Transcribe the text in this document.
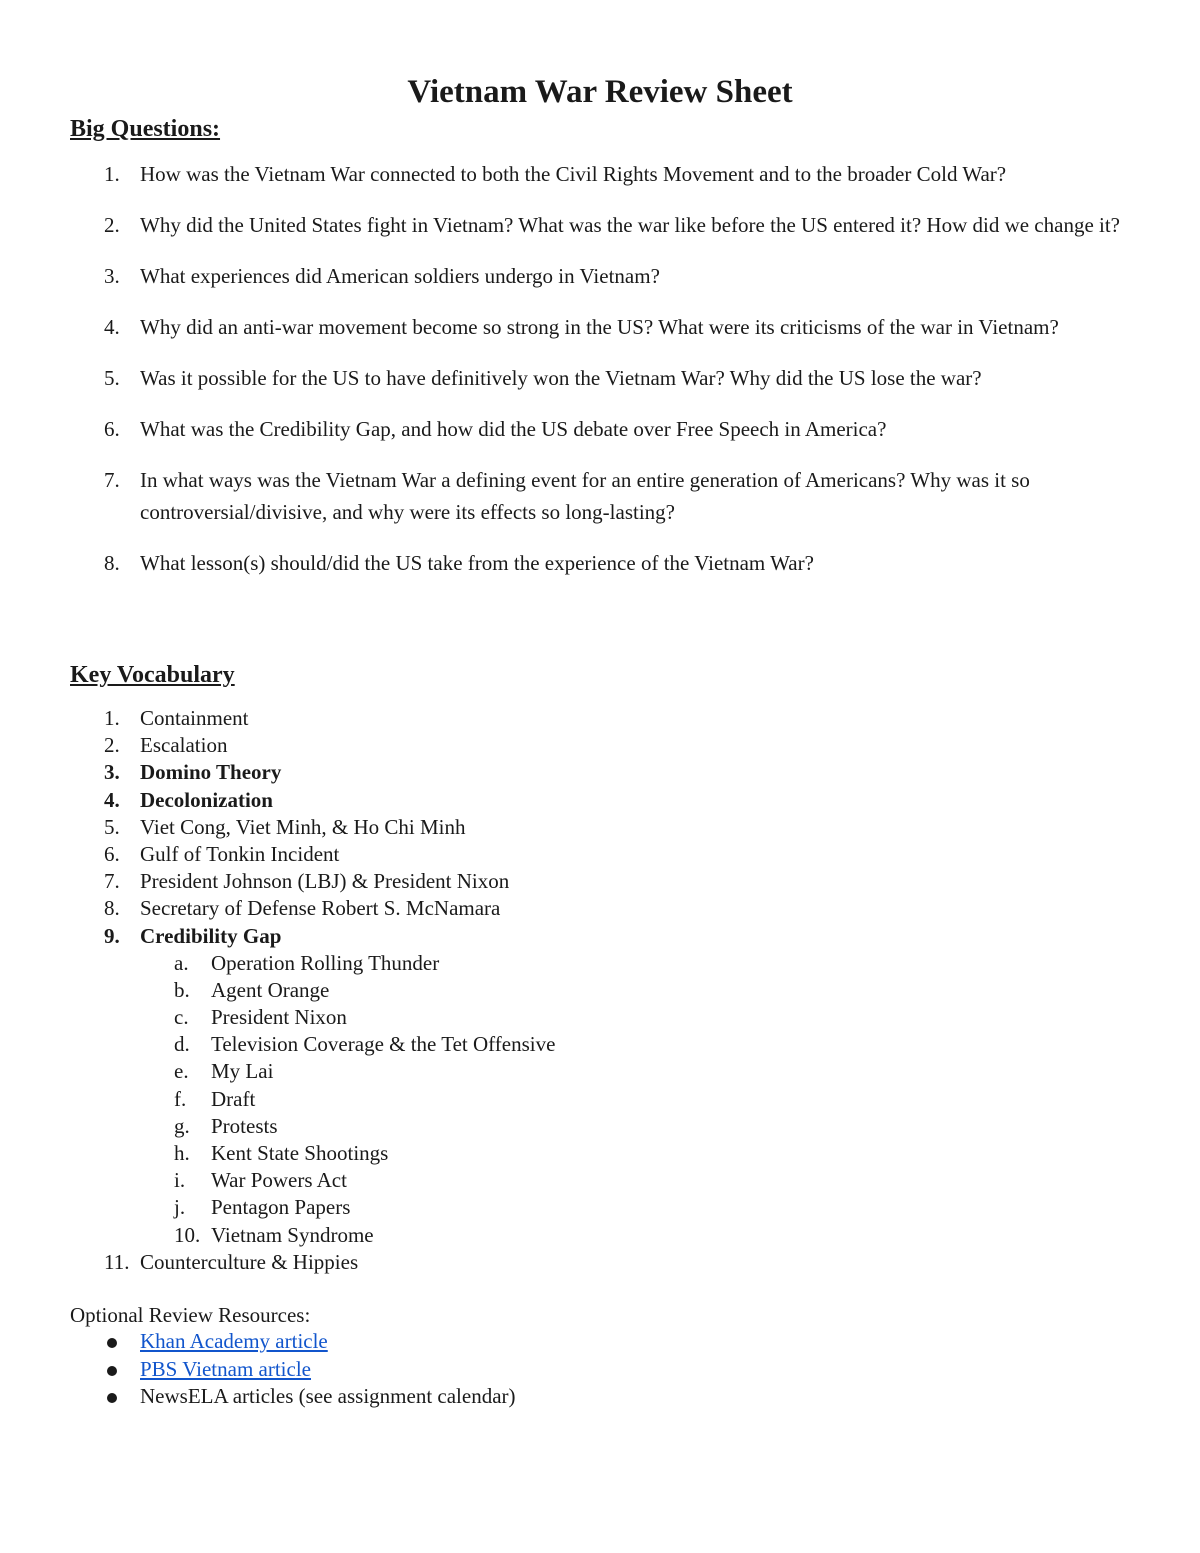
Vietnam War Review Sheet
Big Questions:
1. How was the Vietnam War connected to both the Civil Rights Movement and to the broader Cold War?
2. Why did the United States fight in Vietnam? What was the war like before the US entered it? How did we change it?
3. What experiences did American soldiers undergo in Vietnam?
4. Why did an anti-war movement become so strong in the US? What were its criticisms of the war in Vietnam?
5. Was it possible for the US to have definitively won the Vietnam War? Why did the US lose the war?
6. What was the Credibility Gap, and how did the US debate over Free Speech in America?
7. In what ways was the Vietnam War a defining event for an entire generation of Americans? Why was it so controversial/divisive, and why were its effects so long-lasting?
8. What lesson(s) should/did the US take from the experience of the Vietnam War?
Key Vocabulary
1. Containment
2. Escalation
3. Domino Theory
4. Decolonization
5. Viet Cong, Viet Minh, & Ho Chi Minh
6. Gulf of Tonkin Incident
7. President Johnson (LBJ) & President Nixon
8. Secretary of Defense Robert S. McNamara
9. Credibility Gap
a. Operation Rolling Thunder
b. Agent Orange
c. President Nixon
d. Television Coverage & the Tet Offensive
e. My Lai
f. Draft
g. Protests
h. Kent State Shootings
i. War Powers Act
j. Pentagon Papers
10. Vietnam Syndrome
11. Counterculture & Hippies

Optional Review Resources:

Khan Academy article
PBS Vietnam article
NewsELA articles (see assignment calendar)
